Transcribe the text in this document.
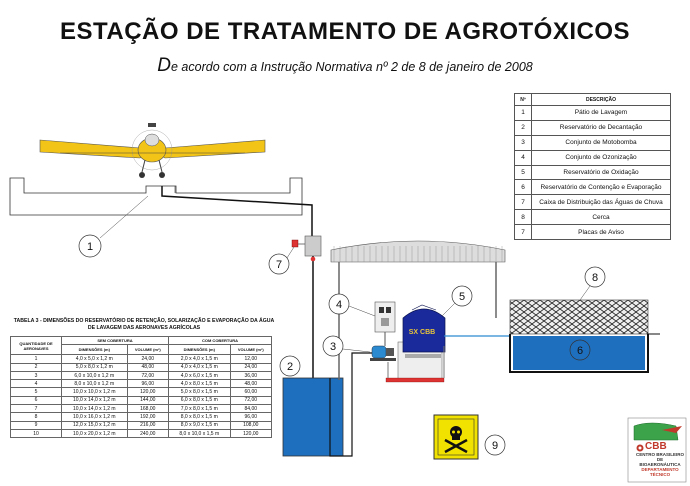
ESTAÇÃO DE TRATAMENTO DE AGROTÓXICOS
De acordo com a Instrução Normativa nº 2 de 8 de janeiro de 2008
Nº	DESCRIÇÃO
1	Pátio de Lavagem
2	Reservatório de Decantação
3	Conjunto de Motobomba
4	Conjunto de Ozonização
5	Reservatório de Oxidação
6	Reservatório de Contenção e Evaporação
7	Caixa de Distribuição das Águas de Chuva
8	Cerca
7	Placas de Aviso
TABELA 3 - DIMENSÕES DO RESERVATÓRIO DE RETENÇÃO, SOLARIZAÇÃO E EVAPORAÇÃO DA ÁGUA DE LAVAGEM DAS AERONAVES AGRÍCOLAS
QUANTIDADE DE AERONAVES	SEM COBERTURA		COM COBERTURA	
	DIMENSÕES (m)	VOLUME (m³)	DIMENSÕES (m)	VOLUME (m³)
1	4,0 x 5,0 x 1,2 m	24,00	2,0 x 4,0 x 1,5 m	12,00
2	5,0 x 8,0 x 1,2 m	48,00	4,0 x 4,0 x 1,5 m	24,00
3	6,0 x 10,0 x 1,2 m	72,00	4,0 x 6,0 x 1,5 m	36,00
4	8,0 x 10,0 x 1,2 m	96,00	4,0 x 8,0 x 1,5 m	48,00
5	10,0 x 10,0 x 1,2 m	120,00	5,0 x 8,0 x 1,5 m	60,00
6	10,0 x 14,0 x 1,2 m	144,00	6,0 x 8,0 x 1,5 m	72,00
7	10,0 x 14,0 x 1,2 m	168,00	7,0 x 8,0 x 1,5 m	84,00
8	10,0 x 16,0 x 1,2 m	192,00	8,0 x 8,0 x 1,5 m	96,00
9	12,0 x 15,0 x 1,2 m	216,00	8,0 x 9,0 x 1,5 m	108,00
10	10,0 x 20,0 x 1,2 m	240,00	8,0 x 10,0 x 1,5 m	120,00
1
7
2
3
4
SX CBB
5
6
8
9	CBB
CENTRO BRASILEIRO
DE BIOAERONÁUTICA
DEPARTAMENTO TÉCNICO
